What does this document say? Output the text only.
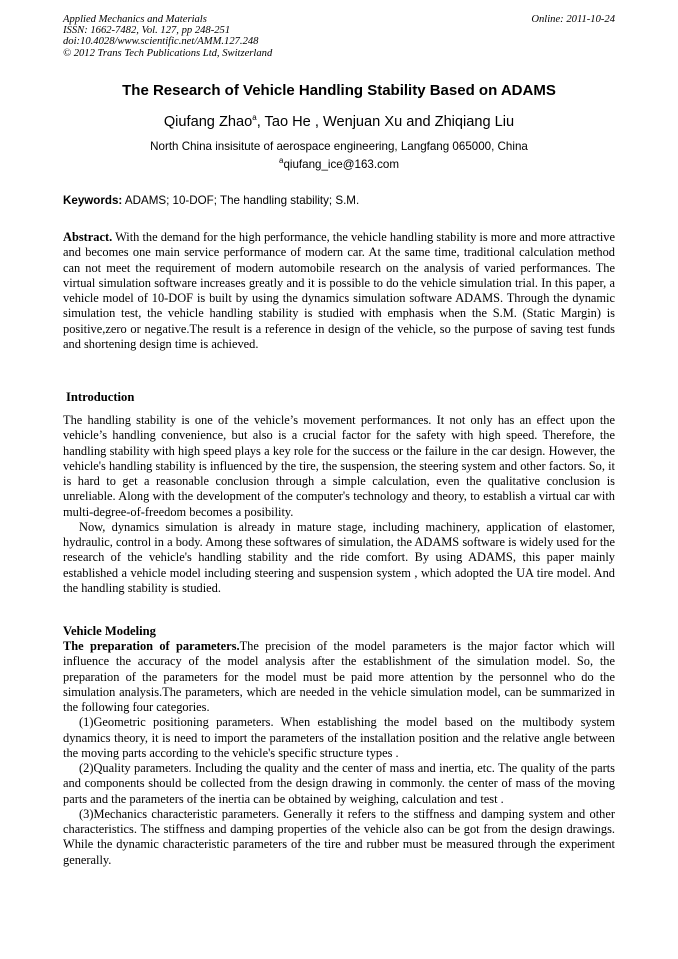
Applied Mechanics and Materials
ISSN: 1662-7482, Vol. 127, pp 248-251
doi:10.4028/www.scientific.net/AMM.127.248
© 2012 Trans Tech Publications Ltd, Switzerland
Online: 2011-10-24
The Research of Vehicle Handling Stability Based on ADAMS
Qiufang Zhao$^a$, Tao He , Wenjuan Xu and Zhiqiang Liu
North China insisitute of aerospace engineering, Langfang 065000, China
$^a$qiufang_ice@163.com
Keywords: ADAMS; 10-DOF; The handling stability; S.M.
Abstract. With the demand for the high performance, the vehicle handling stability is more and more attractive and becomes one main service performance of modern car. At the same time, traditional calculation method can not meet the requirement of modern automobile research on the analysis of varied performances. The virtual simulation software increases greatly and it is possible to do the vehicle simulation trial. In this paper, a vehicle model of 10-DOF is built by using the dynamics simulation software ADAMS. Through the dynamic simulation test, the vehicle handling stability is studied with emphasis when the S.M. (Static Margin) is positive,zero or negative.The result is a reference in design of the vehicle, so the purpose of saving test funds and shortening design time is achieved.
Introduction

The handling stability is one of the vehicle’s movement performances. It not only has an effect upon the vehicle’s handling convenience, but also is a crucial factor for the safety with high speed. Therefore, the handling stability with high speed plays a key role for the success or the failure in the car design. However, the vehicle's handling stability is influenced by the tire, the suspension, the steering system and other factors. So, it is hard to get a reasonable conclusion through a simple calculation, even the qualitative conclusion is unreliable. Along with the development of the computer's technology and theory, to establish a virtual car with multi-degree-of-freedom becomes a posibility.

Now, dynamics simulation is already in mature stage, including machinery, application of elastomer, hydraulic, control in a body. Among these softwares of simulation, the ADAMS software is widely used for the research of the vehicle's handling stability and the ride comfort. By using ADAMS, this paper mainly established a vehicle model including steering and suspension system , which adopted the UA tire model. And the handling stability is studied.

Vehicle Modeling

The preparation of parameters.The precision of the model parameters is the major factor which will influence the accuracy of the model analysis after the establishment of the simulation model. So, the preparation of the parameters for the model must be paid more attention by the personnel who do the simulation analysis.The parameters, which are needed in the vehicle simulation model, can be summarized in the following four categories.

(1)Geometric positioning parameters. When establishing the model based on the multibody system dynamics theory, it is need to import the parameters of the installation position and the relative angle between the moving parts according to the vehicle's specific structure types .

(2)Quality parameters. Including the quality and the center of mass and inertia, etc. The quality of the parts and components should be collected from the design drawing in commonly. the center of mass of the moving parts and the parameters of the inertia can be obtained by weighing, calculation and test .

(3)Mechanics characteristic parameters. Generally it refers to the stiffness and damping system and other characteristics. The stiffness and damping properties of the vehicle also can be got from the design drawings. While the dynamic characteristic parameters of the tire and rubber must be measured through the experiment generally.
